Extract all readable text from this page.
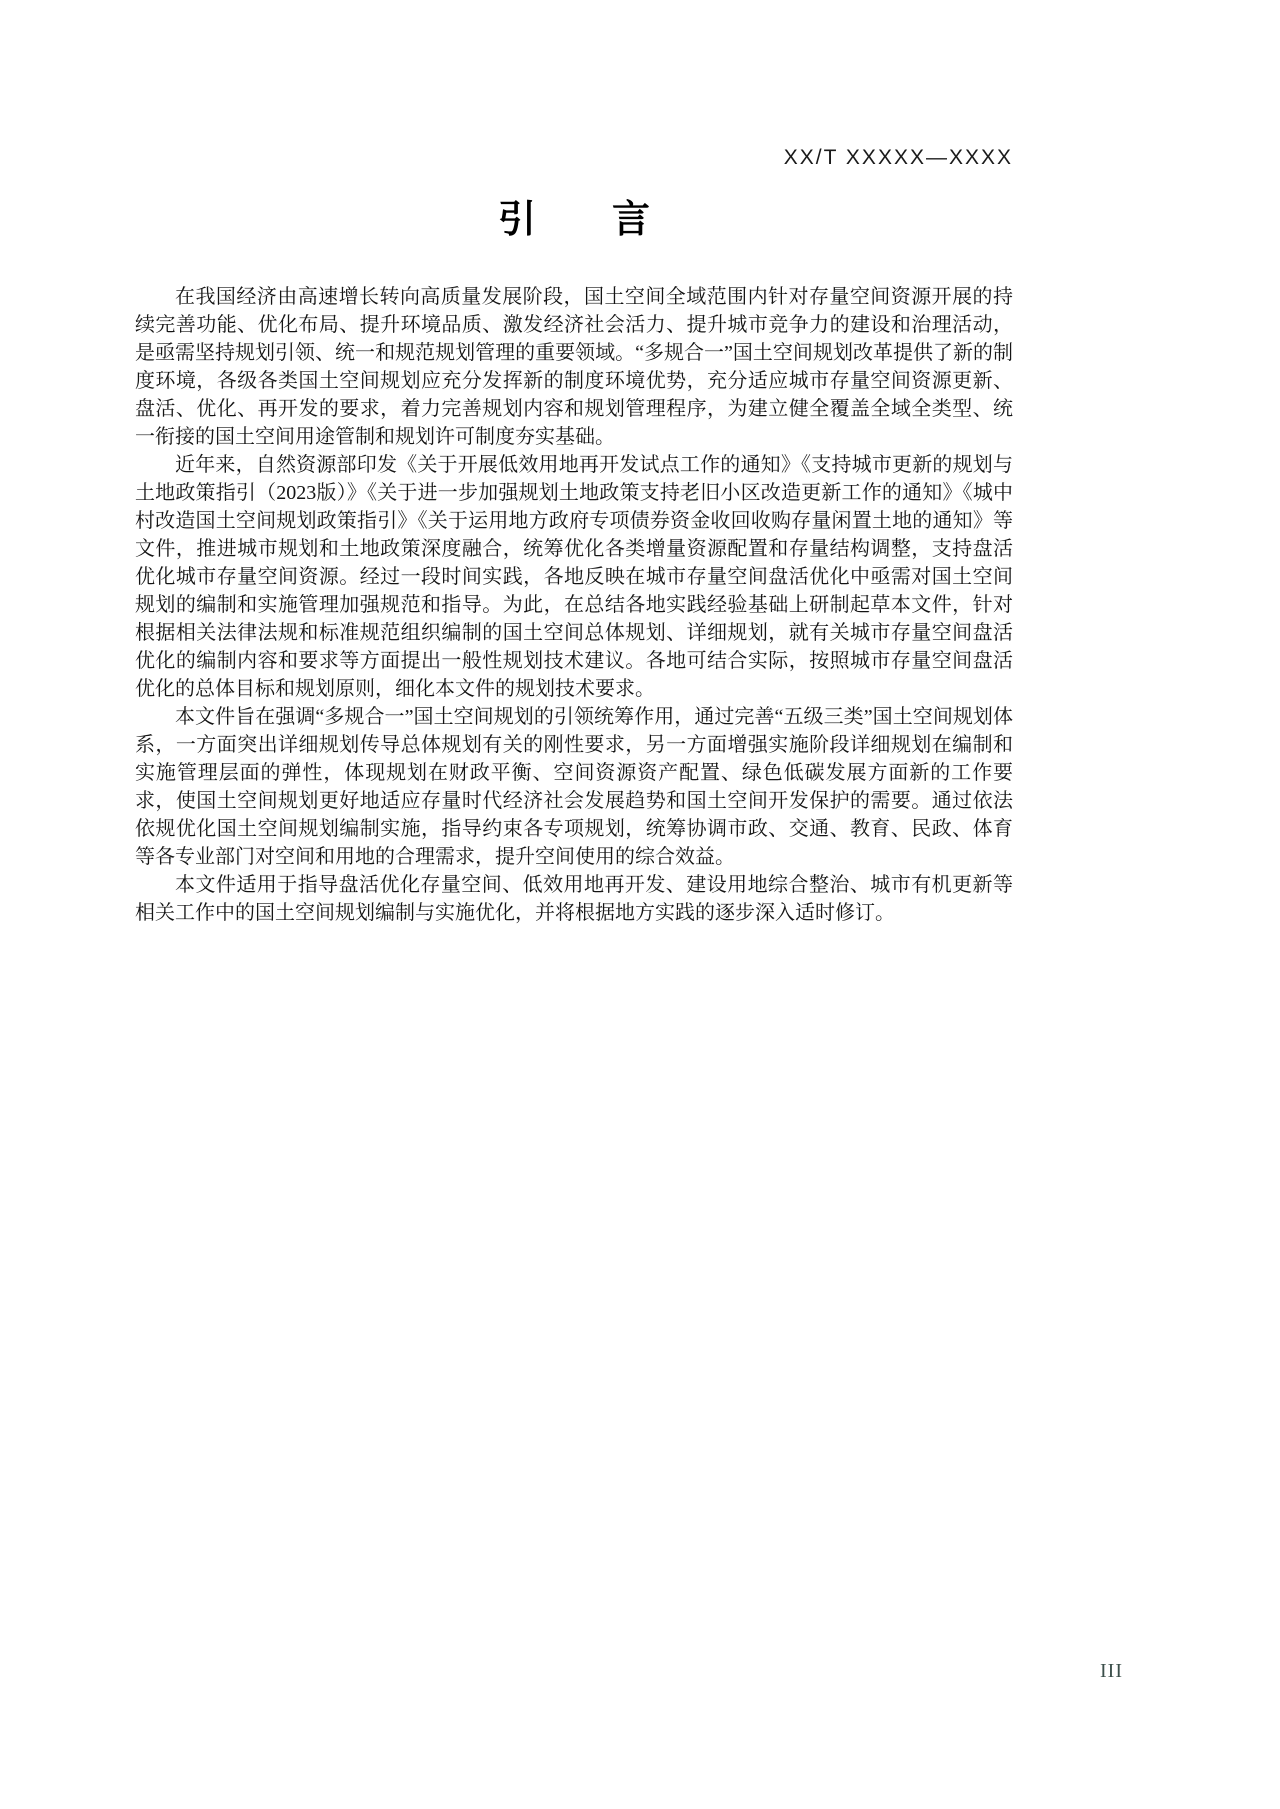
XX/T XXXXX—XXXX
引　　言

在我国经济由高速增长转向高质量发展阶段，国土空间全域范围内针对存量空间资源开展的持续完善功能、优化布局、提升环境品质、激发经济社会活力、提升城市竞争力的建设和治理活动，是亟需坚持规划引领、统一和规范规划管理的重要领域。“多规合一”国土空间规划改革提供了新的制度环境，各级各类国土空间规划应充分发挥新的制度环境优势，充分适应城市存量空间资源更新、盘活、优化、再开发的要求，着力完善规划内容和规划管理程序，为建立健全覆盖全域全类型、统一衔接的国土空间用途管制和规划许可制度夯实基础。

近年来，自然资源部印发《关于开展低效用地再开发试点工作的通知》《支持城市更新的规划与土地政策指引（2023版）》《关于进一步加强规划土地政策支持老旧小区改造更新工作的通知》《城中村改造国土空间规划政策指引》《关于运用地方政府专项债券资金收回收购存量闲置土地的通知》等文件，推进城市规划和土地政策深度融合，统筹优化各类增量资源配置和存量结构调整，支持盘活优化城市存量空间资源。经过一段时间实践，各地反映在城市存量空间盘活优化中亟需对国土空间规划的编制和实施管理加强规范和指导。为此，在总结各地实践经验基础上研制起草本文件，针对根据相关法律法规和标准规范组织编制的国土空间总体规划、详细规划，就有关城市存量空间盘活优化的编制内容和要求等方面提出一般性规划技术建议。各地可结合实际，按照城市存量空间盘活优化的总体目标和规划原则，细化本文件的规划技术要求。

本文件旨在强调“多规合一”国土空间规划的引领统筹作用，通过完善“五级三类”国土空间规划体系，一方面突出详细规划传导总体规划有关的刚性要求，另一方面增强实施阶段详细规划在编制和实施管理层面的弹性，体现规划在财政平衡、空间资源资产配置、绿色低碳发展方面新的工作要求，使国土空间规划更好地适应存量时代经济社会发展趋势和国土空间开发保护的需要。通过依法依规优化国土空间规划编制实施，指导约束各专项规划，统筹协调市政、交通、教育、民政、体育等各专业部门对空间和用地的合理需求，提升空间使用的综合效益。

本文件适用于指导盘活优化存量空间、低效用地再开发、建设用地综合整治、城市有机更新等相关工作中的国土空间规划编制与实施优化，并将根据地方实践的逐步深入适时修订。

III
